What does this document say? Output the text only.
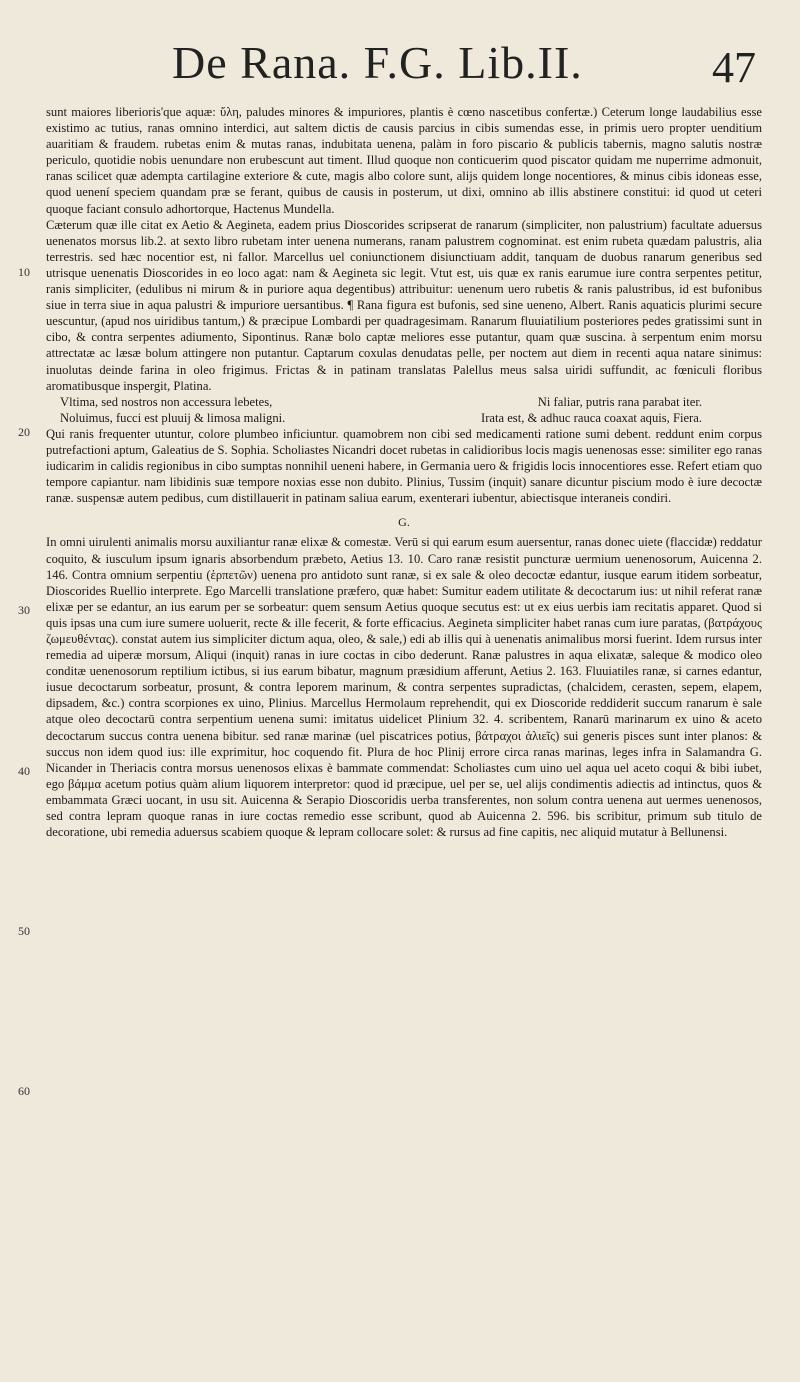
De Rana. F.G. Lib.II.	47
10
20
30
40
50
60

sunt maiores liberioris'que aquæ: ὕλη, paludes minores & impuriores, plantis è cœno nascetibus confertæ.) Ceterum longe laudabilius esse existimo ac tutius, ranas omnino interdici, aut saltem dictis de causis parcius in cibis sumendas esse, in primis uero propter uenditium auaritiam & fraudem. rubetas enim & mutas ranas, indubitata uenena, palàm in foro piscario & publicis tabernis, magno salutis nostræ periculo, quotidie nobis uenundare non erubescunt aut timent. Illud quoque non conticuerim quod piscator quidam me nuperrime admonuit, ranas scilicet quæ adempta cartilagine exteriore & cute, magis albo colore sunt, alijs quidem longe nocentiores, & minus cibis idoneas esse, quod uenení speciem quandam præ se ferant, quibus de causis in posterum, ut dixi, omnino ab illis abstinere constitui: id quod ut ceteri quoque faciant consulo adhortorque, Hactenus Mundella.

Cæterum quæ ille citat ex Aetio & Aegineta, eadem prius Dioscorides scripserat de ranarum (simpliciter, non palustrium) facultate aduersus uenenatos morsus lib.2. at sexto libro rubetam inter uenena numerans, ranam palustrem cognominat. est enim rubeta quædam palustris, alia terrestris. sed hæc nocentior est, ni fallor. Marcellus uel coniunctionem disiunctiuam addit, tanquam de duobus ranarum generibus sed utrisque uenenatis Dioscorides in eo loco agat: nam & Aegineta sic legit. Vtut est, uis quæ ex ranis earumue iure contra serpentes petitur, ranis simpliciter, (edulibus ni mirum & in puriore aqua degentibus) attribuitur: uenenum uero rubetis & ranis palustribus, id est bufonibus siue in terra siue in aqua palustri & impuriore uersantibus. ¶ Rana figura est bufonis, sed sine ueneno, Albert. Ranis aquaticis plurimi secure uescuntur, (apud nos uiridibus tantum,) & præcipue Lombardi per quadragesimam. Ranarum fluuiatilium posteriores pedes gratissimi sunt in cibo, & contra serpentes adiumento, Sipontinus. Ranæ bolo captæ meliores esse putantur, quam quæ suscina. à serpentum enim morsu attrectatæ ac læsæ bolum attingere non putantur. Captarum coxulas denudatas pelle, per noctem aut diem in recenti aqua natare sinimus: inuolutas deinde farina in oleo frigimus. Frictas & in patinam translatas Palellus meus salsa uiridi suffundit, ac fœniculi floribus aromatibusque inspergit, Platina.

Vltima, sed nostros non accessura lebetes,	Ni faliar, putris rana parabat iter.
Noluimus, fucci est pluuij & limosa maligni.	Irata est, & adhuc rauca coaxat aquis, Fiera.

Qui ranis frequenter utuntur, colore plumbeo inficiuntur. quamobrem non cibi sed medicamenti ratione sumi debent. reddunt enim corpus putrefactioni aptum, Galeatius de S. Sophia. Scholiastes Nicandri docet rubetas in calidioribus locis magis uenenosas esse: similiter ego ranas iudicarim in calidis regionibus in cibo sumptas nonnihil ueneni habere, in Germania uero & frigidis locis innocentiores esse. Refert etiam quo tempore capiantur. nam libidinis suæ tempore noxias esse non dubito. Plinius, Tussim (inquit) sanare dicuntur piscium modo è iure decoctæ ranæ. suspensæ autem pedibus, cum distillauerit in patinam saliua earum, exenterari iubentur, abiectisque interaneis condiri.

G.

In omni uirulenti animalis morsu auxiliantur ranæ elixæ & comestæ. Verū si qui earum esum auersentur, ranas donec uiete (flaccidæ) reddatur coquito, & iusculum ipsum ignaris absorbendum præbeto, Aetius 13. 10. Caro ranæ resistit puncturæ uermium uenenosorum, Auicenna 2. 146. Contra omnium serpentiu (ἑρπετῶν) uenena pro antidoto sunt ranæ, si ex sale & oleo decoctæ edantur, iusque earum itidem sorbeatur, Dioscorides Ruellio interprete. Ego Marcelli translatione præfero, quæ habet: Sumitur eadem utilitate & decoctarum ius: ut nihil referat ranæ elixæ per se edantur, an ius earum per se sorbeatur: quem sensum Aetius quoque secutus est: ut ex eius uerbis iam recitatis apparet. Quod si quis ipsas una cum iure sumere uoluerit, recte & ille fecerit, & forte efficacius. Aegineta simpliciter habet ranas cum iure paratas, (βατράχους ζωμευθέντας). constat autem ius simpliciter dictum aqua, oleo, & sale,) edi ab illis qui à uenenatis animalibus morsi fuerint. Idem rursus inter remedia ad uiperæ morsum, Aliqui (inquit) ranas in iure coctas in cibo dederunt. Ranæ palustres in aqua elixatæ, saleque & modico oleo conditæ uenenosorum reptilium ictibus, si ius earum bibatur, magnum præsidium afferunt, Aetius 2. 163. Fluuiatiles ranæ, si carnes edantur, iusue decoctarum sorbeatur, prosunt, & contra leporem marinum, & contra serpentes supradictas, (chalcidem, cerasten, sepem, elapem, dipsadem, &c.) contra scorpiones ex uino, Plinius. Marcellus Hermolaum reprehendit, qui ex Dioscoride reddiderit succum ranarum è sale atque oleo decoctarū contra serpentium uenena sumi: imitatus uidelicet Plinium 32. 4. scribentem, Ranarū marinarum ex uino & aceto decoctarum succus contra uenena bibitur. sed ranæ marinæ (uel piscatrices potius, βάτραχοι ἁλιεῖς) sui generis pisces sunt inter planos: & succus non idem quod ius: ille exprimitur, hoc coquendo fit. Plura de hoc Plinij errore circa ranas marinas, leges infra in Salamandra G. Nicander in Theriacis contra morsus uenenosos elixas è bammate commendat: Scholiastes cum uino uel aqua uel aceto coqui & bibi iubet, ego βάμμα acetum potius quàm alium liquorem interpretor: quod id præcipue, uel per se, uel alijs condimentis adiectis ad intinctus, quos & embammata Græci uocant, in usu sit. Auicenna & Serapio Dioscoridis uerba transferentes, non solum contra uenena aut uermes uenenosos, sed contra lepram quoque ranas in iure coctas remedio esse scribunt, quod ab Auicenna 2. 596. bis scribitur, primum sub titulo de decoratione, ubi remedia aduersus scabiem quoque & lepram collocare solet: & rursus ad fine capitis, nec aliquid mutatur à Bellunensi.
